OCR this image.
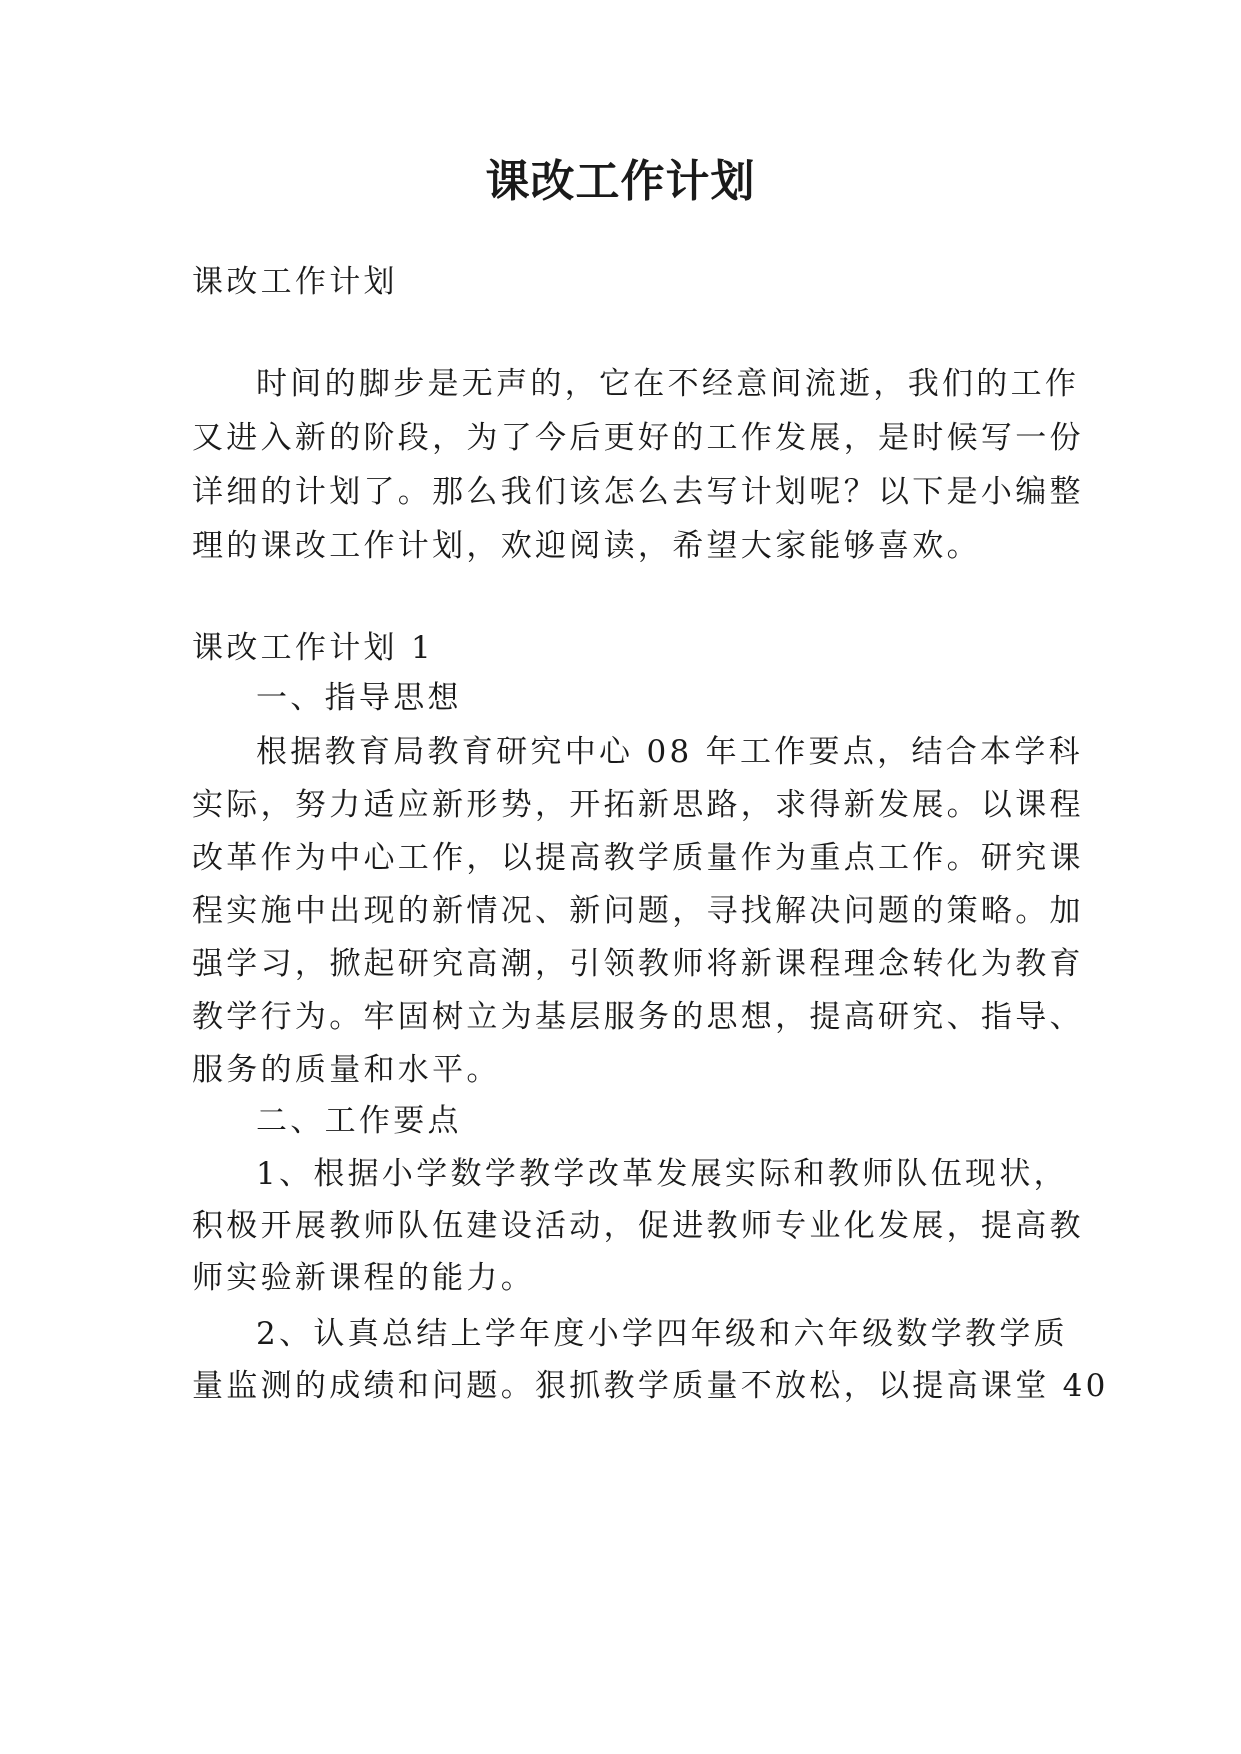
课改工作计划

课改工作计划

时间的脚步是无声的，它在不经意间流逝，我们的工作

又进入新的阶段，为了今后更好的工作发展，是时候写一份

详细的计划了。那么我们该怎么去写计划呢？以下是小编整

理的课改工作计划，欢迎阅读，希望大家能够喜欢。

课改工作计划 1

一、指导思想

根据教育局教育研究中心 08 年工作要点，结合本学科

实际，努力适应新形势，开拓新思路，求得新发展。以课程

改革作为中心工作，以提高教学质量作为重点工作。研究课

程实施中出现的新情况、新问题，寻找解决问题的策略。加

强学习，掀起研究高潮，引领教师将新课程理念转化为教育

教学行为。牢固树立为基层服务的思想，提高研究、指导、

服务的质量和水平。

二、工作要点

1、根据小学数学教学改革发展实际和教师队伍现状，

积极开展教师队伍建设活动，促进教师专业化发展，提高教

师实验新课程的能力。

2、认真总结上学年度小学四年级和六年级数学教学质

量监测的成绩和问题。狠抓教学质量不放松，以提高课堂 40
